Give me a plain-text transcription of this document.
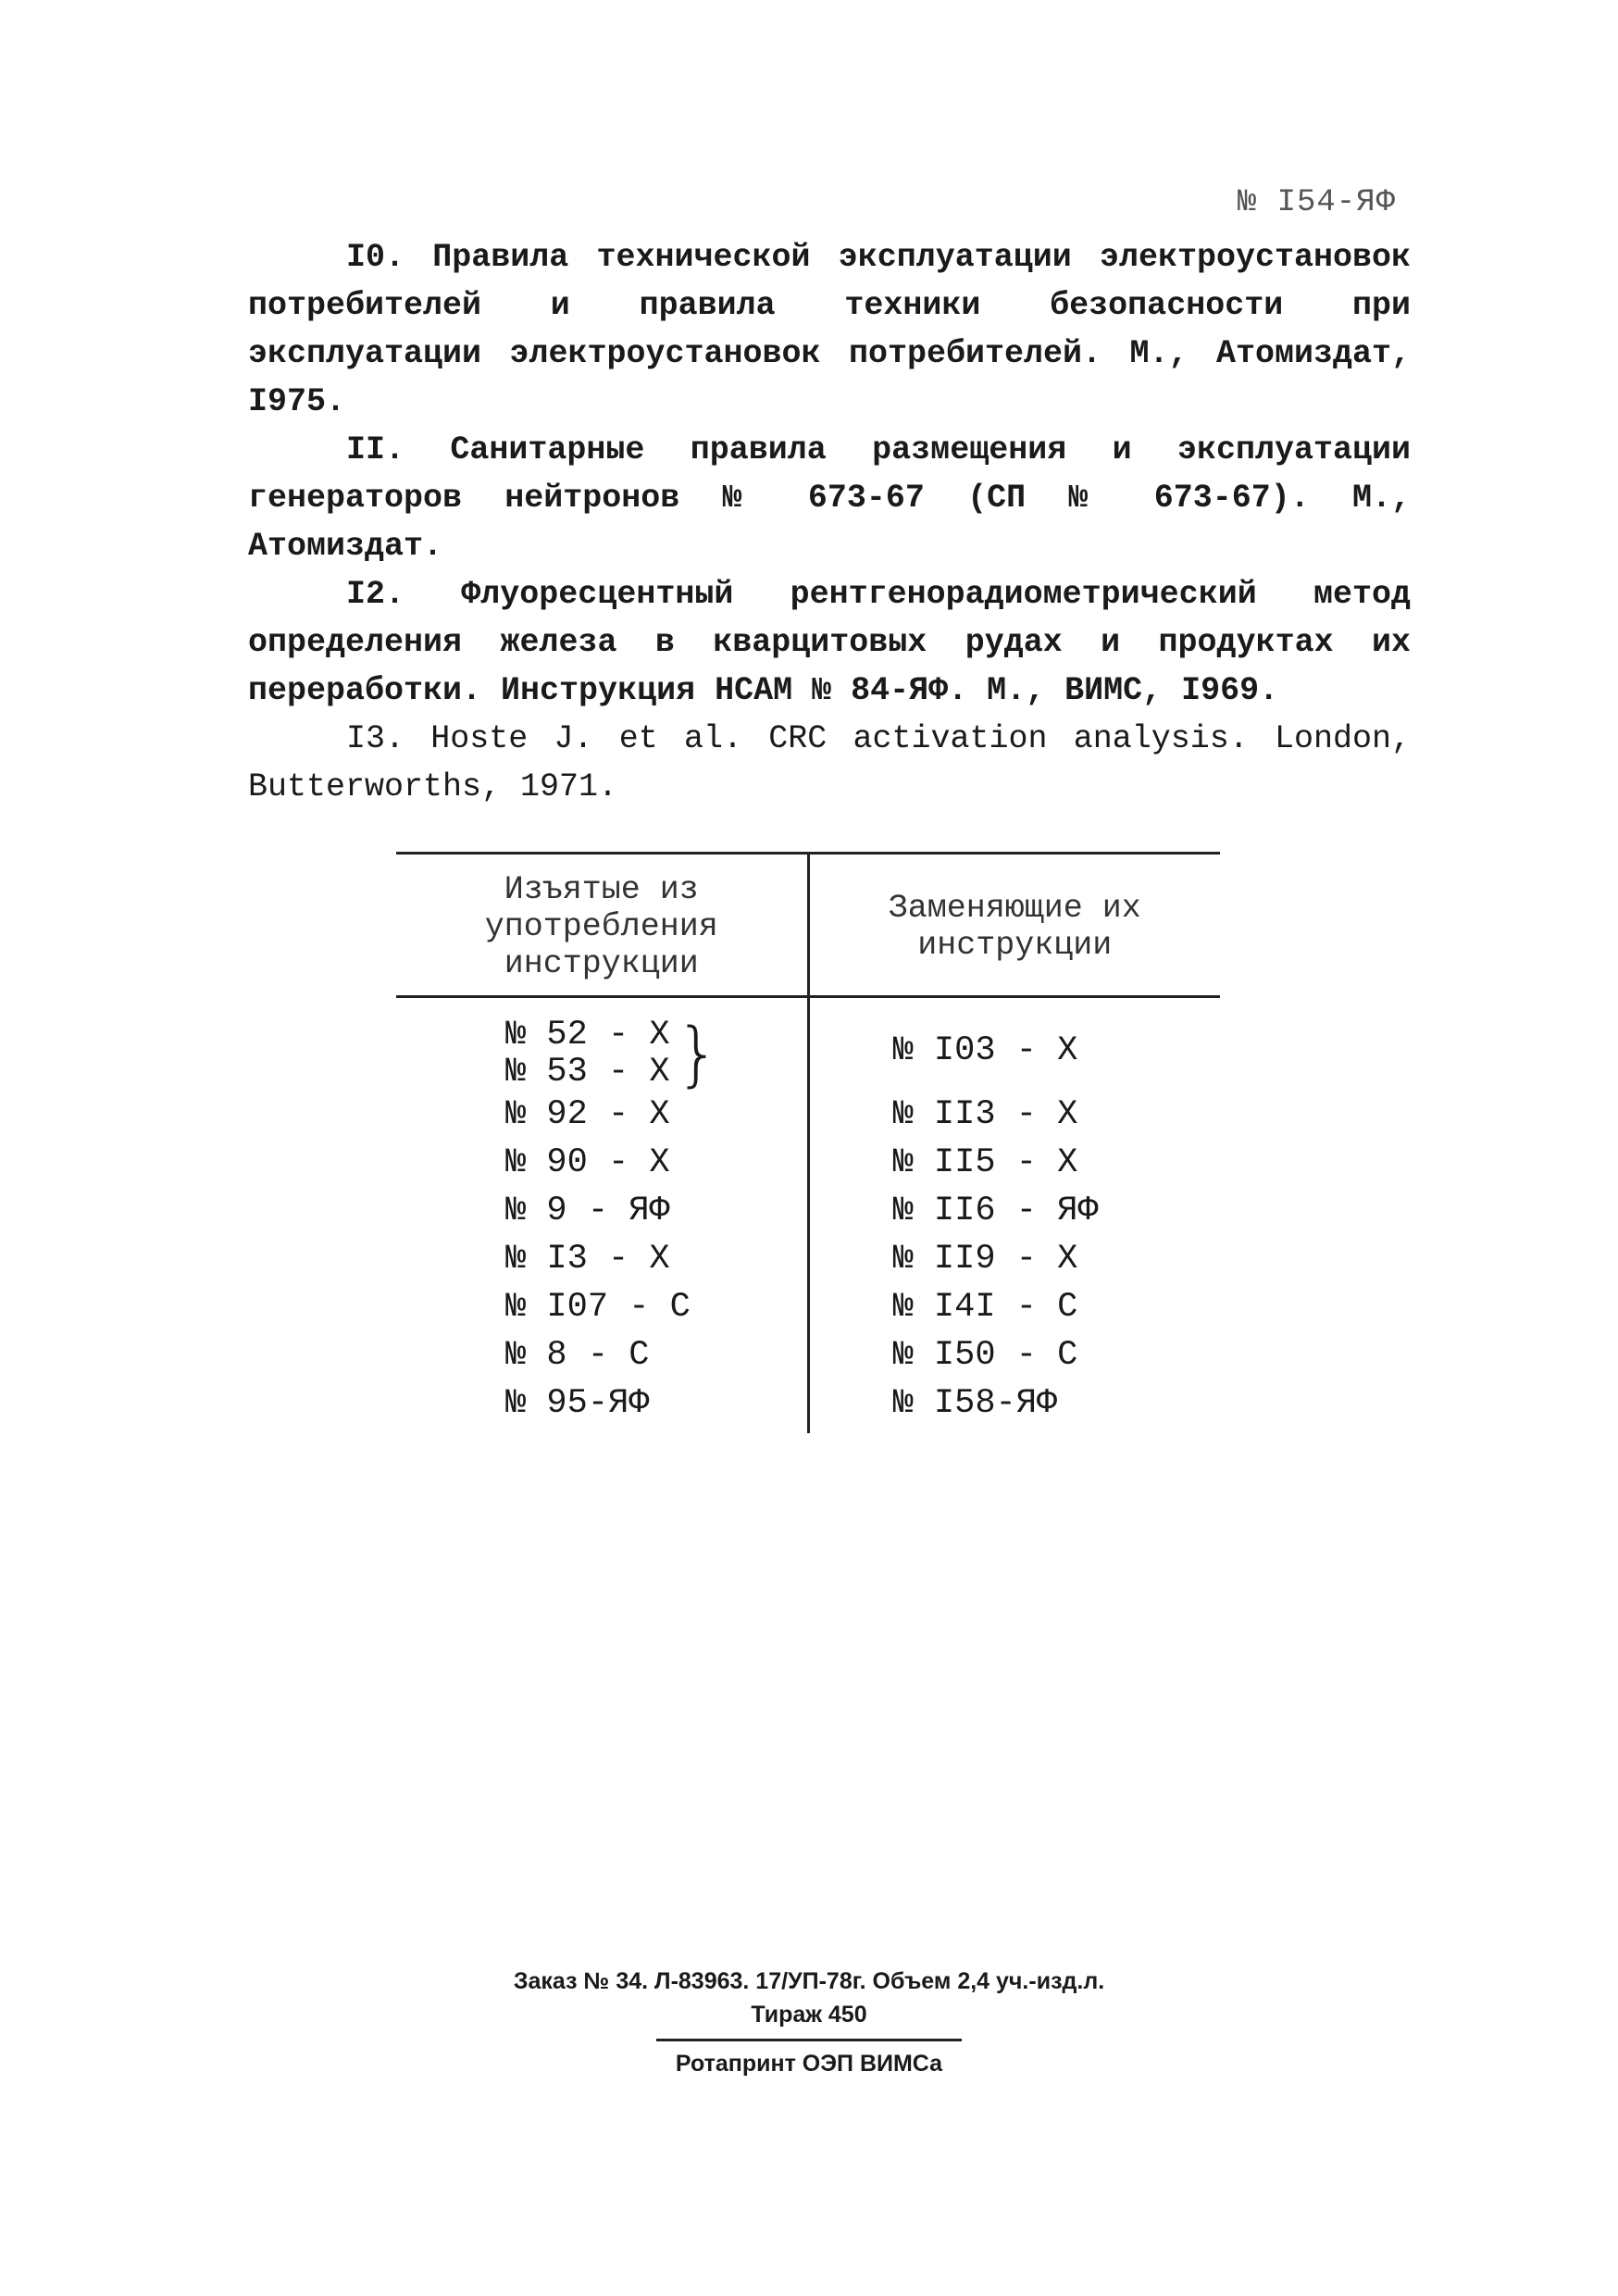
№ I54-ЯФ

I0. Правила технической эксплуатации электроустановок потребителей и правила техники безопасности при эксплуатации электроустановок потребителей. М., Атомиздат, I975.

II. Санитарные правила размещения и эксплуатации генераторов нейтронов № 673-67 (СП № 673-67). М., Атомиздат.

I2. Флуоресцентный рентгенорадиометрический метод определения железа в кварцитовых рудах и продуктах их переработки. Инструкция НСАМ № 84-ЯФ. М., ВИМС, I969.

I3. Hoste J. et al. CRC activation analysis. London, Butterworths, 1971.

Изъятые из употребления инструкции	Заменяющие их инструкции

№ 52 - X
№ 53 - X }	№ I03 - X
№ 92 - X	№ II3 - X
№ 90 - X	№ II5 - X
№ 9 - ЯФ	№ II6 - ЯФ
№ I3 - X	№ II9 - X
№ I07 - C	№ I4I - C
№ 8 - C	№ I50 - C
№ 95-ЯФ	№ I58-ЯФ
Заказ № 34. Л-83963. 17/УП-78г. Объем 2,4 уч.-изд.л.
Тираж 450
Ротапринт ОЭП ВИМСа
